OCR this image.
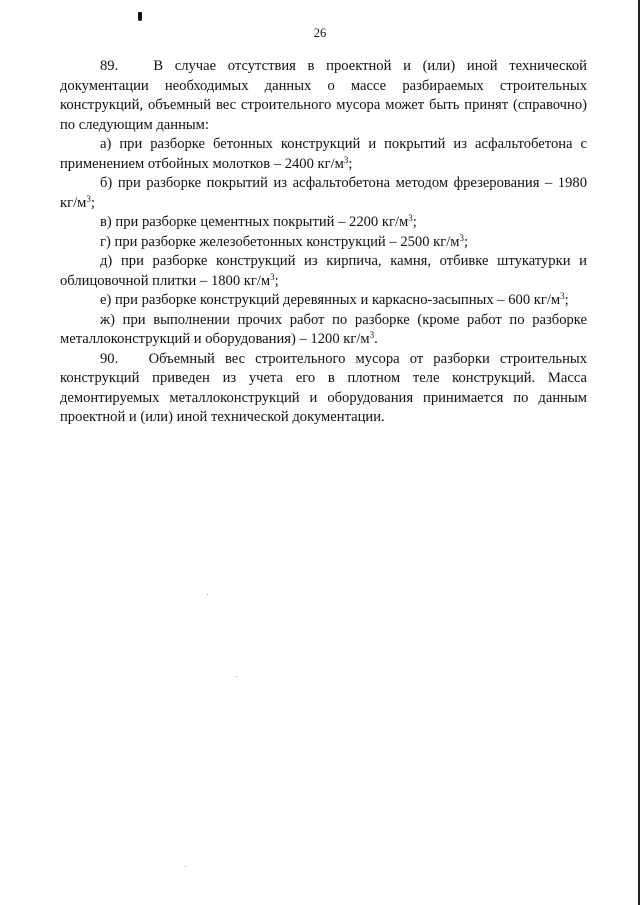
26

89. В случае отсутствия в проектной и (или) иной технической документации необходимых данных о массе разбираемых строительных конструкций, объемный вес строительного мусора может быть принят (справочно) по следующим данным:

а) при разборке бетонных конструкций и покрытий из асфальтобетона с применением отбойных молотков – 2400 $кг/м^3$;

б) при разборке покрытий из асфальтобетона методом фрезерования – 1980 $кг/м^3$;

в) при разборке цементных покрытий – 2200 $кг/м^3$;

г) при разборке железобетонных конструкций – 2500 $кг/м^3$;

д) при разборке конструкций из кирпича, камня, отбивке штукатурки и облицовочной плитки – 1800 $кг/м^3$;

е) при разборке конструкций деревянных и каркасно-засыпных – 600 $кг/м^3$;

ж) при выполнении прочих работ по разборке (кроме работ по разборке металлоконструкций и оборудования) – 1200 $кг/м^3$.

90. Объемный вес строительного мусора от разборки строительных конструкций приведен из учета его в плотном теле конструкций. Масса демонтируемых металлоконструкций и оборудования принимается по данным проектной и (или) иной технической документации.
